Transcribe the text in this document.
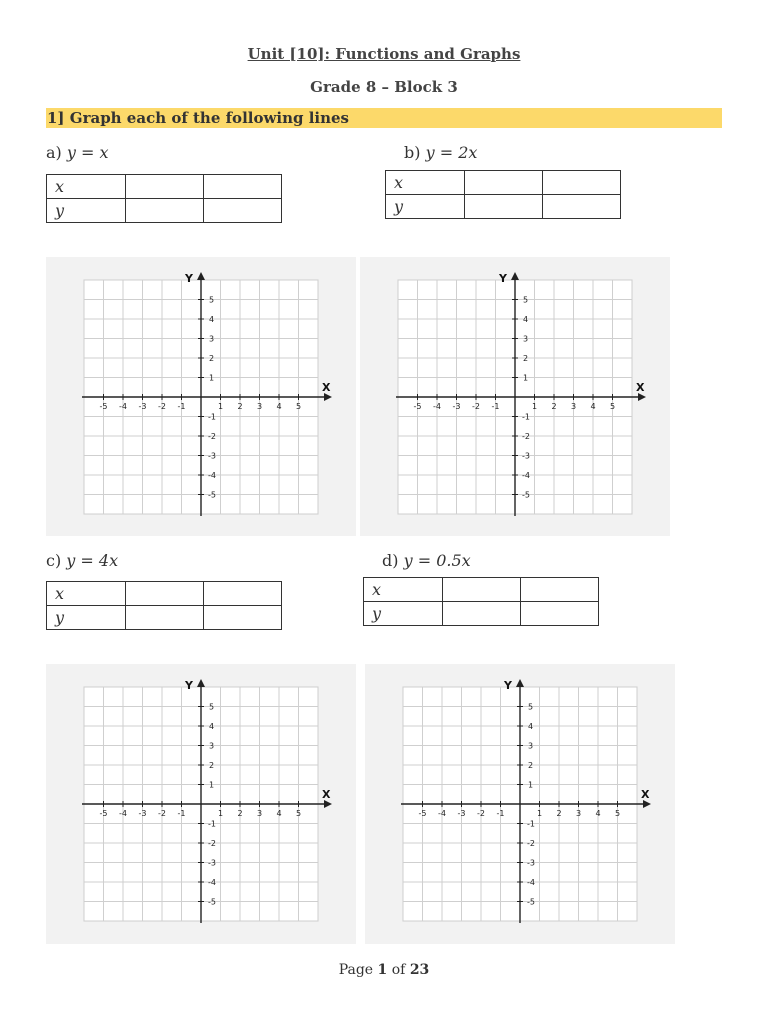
Unit [10]: Functions and Graphs
Grade 8 – Block 3
1] Graph each of the following lines
a) y = x
x		
y		
b) y = 2x
x		
y		
X
Y
-5 -4 -3 -2 -1	1 2 3 4 5
5
4
3
2
1
-1
-2
-3
-4
-5
X
Y
-5 -4 -3 -2 -1	1 2 3 4 5
5
4
3
2
1
-1
-2
-3
-4
-5
c) y = 4x
x		
y		
d) y = 0.5x
x		
y		
X
Y
-5 -4 -3 -2 -1	1 2 3 4 5
5
4
3
2
1
-1
-2
-3
-4
-5
X
Y
-5 -4 -3 -2 -1	1 2 3 4 5
5
4
3
2
1
-1
-2
-3
-4
-5
Page 1 of 23
